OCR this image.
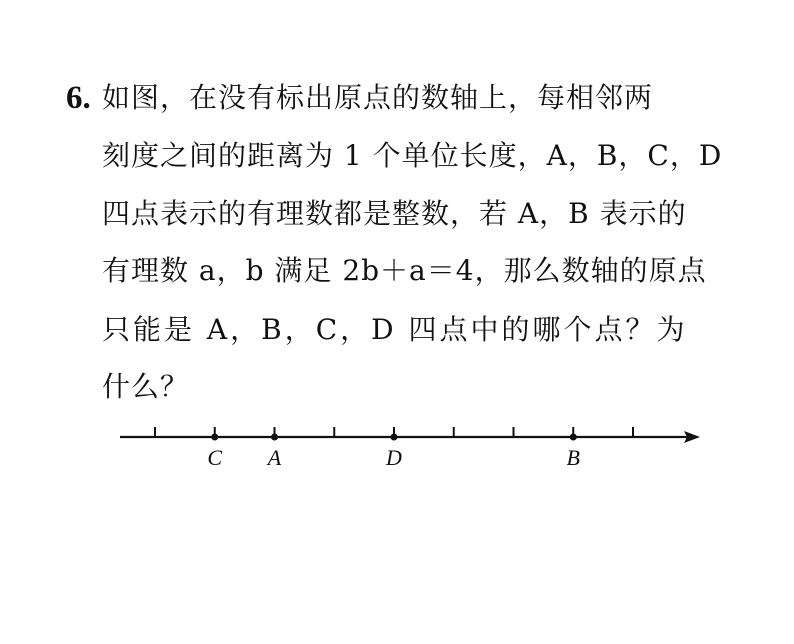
6. 如图，在没有标出原点的数轴上，每相邻两
刻度之间的距离为 1 个单位长度，A，B，C，D
四点表示的有理数都是整数，若 A，B 表示的
有理数 a，b 满足 2b＋a＝4，那么数轴的原点
只能是 A，B，C，D 四点中的哪个点？为
什么？
C A	D	B
